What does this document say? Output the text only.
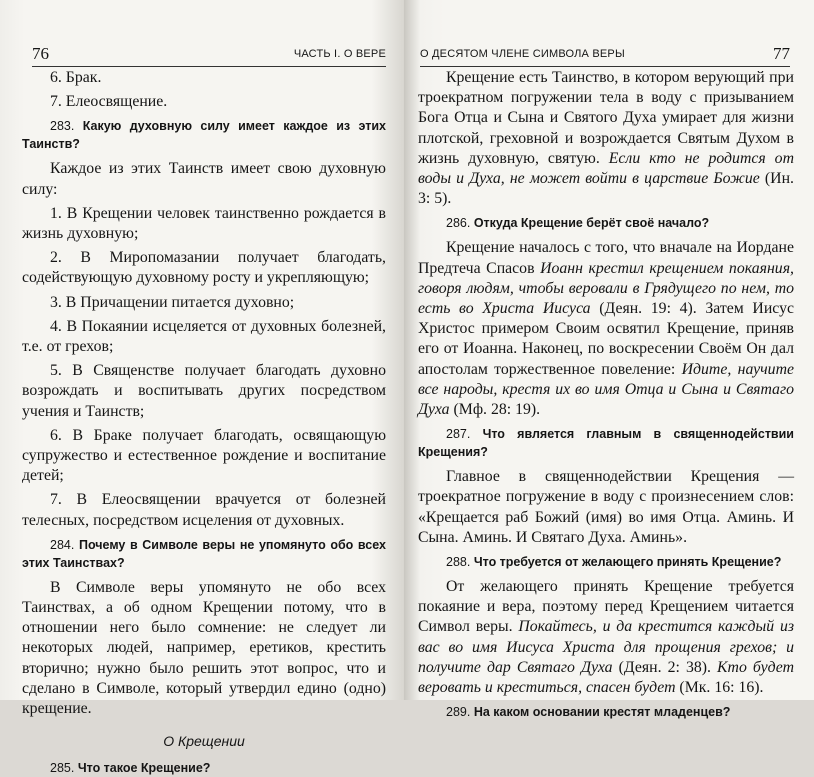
76	ЧАСТЬ I. О ВЕРЕ

6. Брак.

7. Елеосвящение.

283. Какую духовную силу имеет каждое из этих Таинств?

Каждое из этих Таинств имеет свою духовную силу:

1. В Крещении человек таинственно рождается в жизнь духовную;

2. В Миропомазании получает благодать, содействующую духовному росту и укрепляющую;

3. В Причащении питается духовно;

4. В Покаянии исцеляется от духовных болезней, т.е. от грехов;

5. В Священстве получает благодать духовно возрождать и воспитывать других посредством учения и Таинств;

6. В Браке получает благодать, освящающую супружество и естественное рождение и воспитание детей;

7. В Елеосвящении врачуется от болезней телесных, посредством исцеления от духовных.

284. Почему в Символе веры не упомянуто обо всех этих Таинствах?

В Символе веры упомянуто не обо всех Таинствах, а об одном Крещении потому, что в отношении него было сомнение: не следует ли некоторых людей, например, еретиков, крестить вторично; нужно было решить этот вопрос, что и сделано в Символе, который утвердил едино (одно) крещение.

О Крещении

285. Что такое Крещение?

О ДЕСЯТОМ ЧЛЕНЕ СИМВОЛА ВЕРЫ	77

Крещение есть Таинство, в котором верующий при троекратном погружении тела в воду с призыванием Бога Отца и Сына и Святого Духа умирает для жизни плотской, греховной и возрождается Святым Духом в жизнь духовную, святую. Если кто не родится от воды и Духа, не может войти в царствие Божие (Ин. 3: 5).

286. Откуда Крещение берёт своё начало?

Крещение началось с того, что вначале на Иордане Предтеча Спасов Иоанн крестил крещением покаяния, говоря людям, чтобы веровали в Грядущего по нем, то есть во Христа Иисуса (Деян. 19: 4). Затем Иисус Христос примером Своим освятил Крещение, приняв его от Иоанна. Наконец, по воскресении Своём Он дал апостолам торжественное повеление: Идите, научите все народы, крестя их во имя Отца и Сына и Святаго Духа (Мф. 28: 19).

287. Что является главным в священнодействии Крещения?

Главное в священнодействии Крещения — троекратное погружение в воду с произнесением слов: «Крещается раб Божий (имя) во имя Отца. Аминь. И Сына. Аминь. И Святаго Духа. Аминь».

288. Что требуется от желающего принять Крещение?

От желающего принять Крещение требуется покаяние и вера, поэтому перед Крещением читается Символ веры. Покайтесь, и да крестится каждый из вас во имя Иисуса Христа для прощения грехов; и получите дар Святаго Духа (Деян. 2: 38). Кто будет веровать и креститься, спасен будет (Мк. 16: 16).

289. На каком основании крестят младенцев?
